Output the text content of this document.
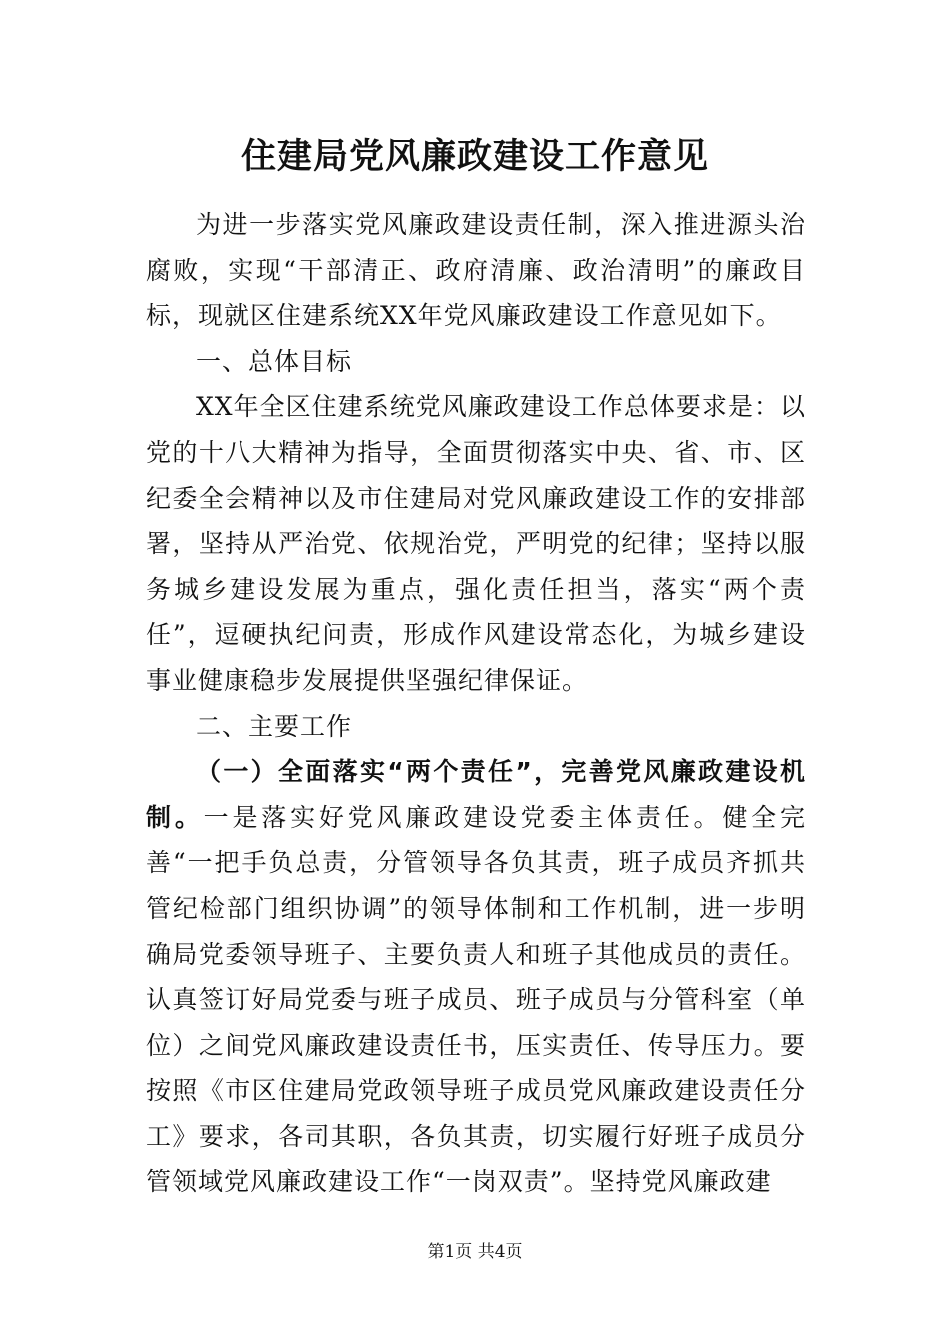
住建局党风廉政建设工作意见

为进一步落实党风廉政建设责任制，深入推进源头治腐败，实现“干部清正、政府清廉、政治清明”的廉政目标，现就区住建系统XX年党风廉政建设工作意见如下。

一、总体目标

XX年全区住建系统党风廉政建设工作总体要求是：以党的十八大精神为指导，全面贯彻落实中央、省、市、区纪委全会精神以及市住建局对党风廉政建设工作的安排部署，坚持从严治党、依规治党，严明党的纪律；坚持以服务城乡建设发展为重点，强化责任担当，落实“两个责任”，逗硬执纪问责，形成作风建设常态化，为城乡建设事业健康稳步发展提供坚强纪律保证。

二、主要工作

（一）全面落实“两个责任”，完善党风廉政建设机制。一是落实好党风廉政建设党委主体责任。健全完善“一把手负总责，分管领导各负其责，班子成员齐抓共管纪检部门组织协调”的领导体制和工作机制，进一步明确局党委领导班子、主要负责人和班子其他成员的责任。认真签订好局党委与班子成员、班子成员与分管科室（单位）之间党风廉政建设责任书，压实责任、传导压力。要按照《市区住建局党政领导班子成员党风廉政建设责任分工》要求，各司其职，各负其责，切实履行好班子成员分管领域党风廉政建设工作“一岗双责”。坚持党风廉政建

第1页 共4页
